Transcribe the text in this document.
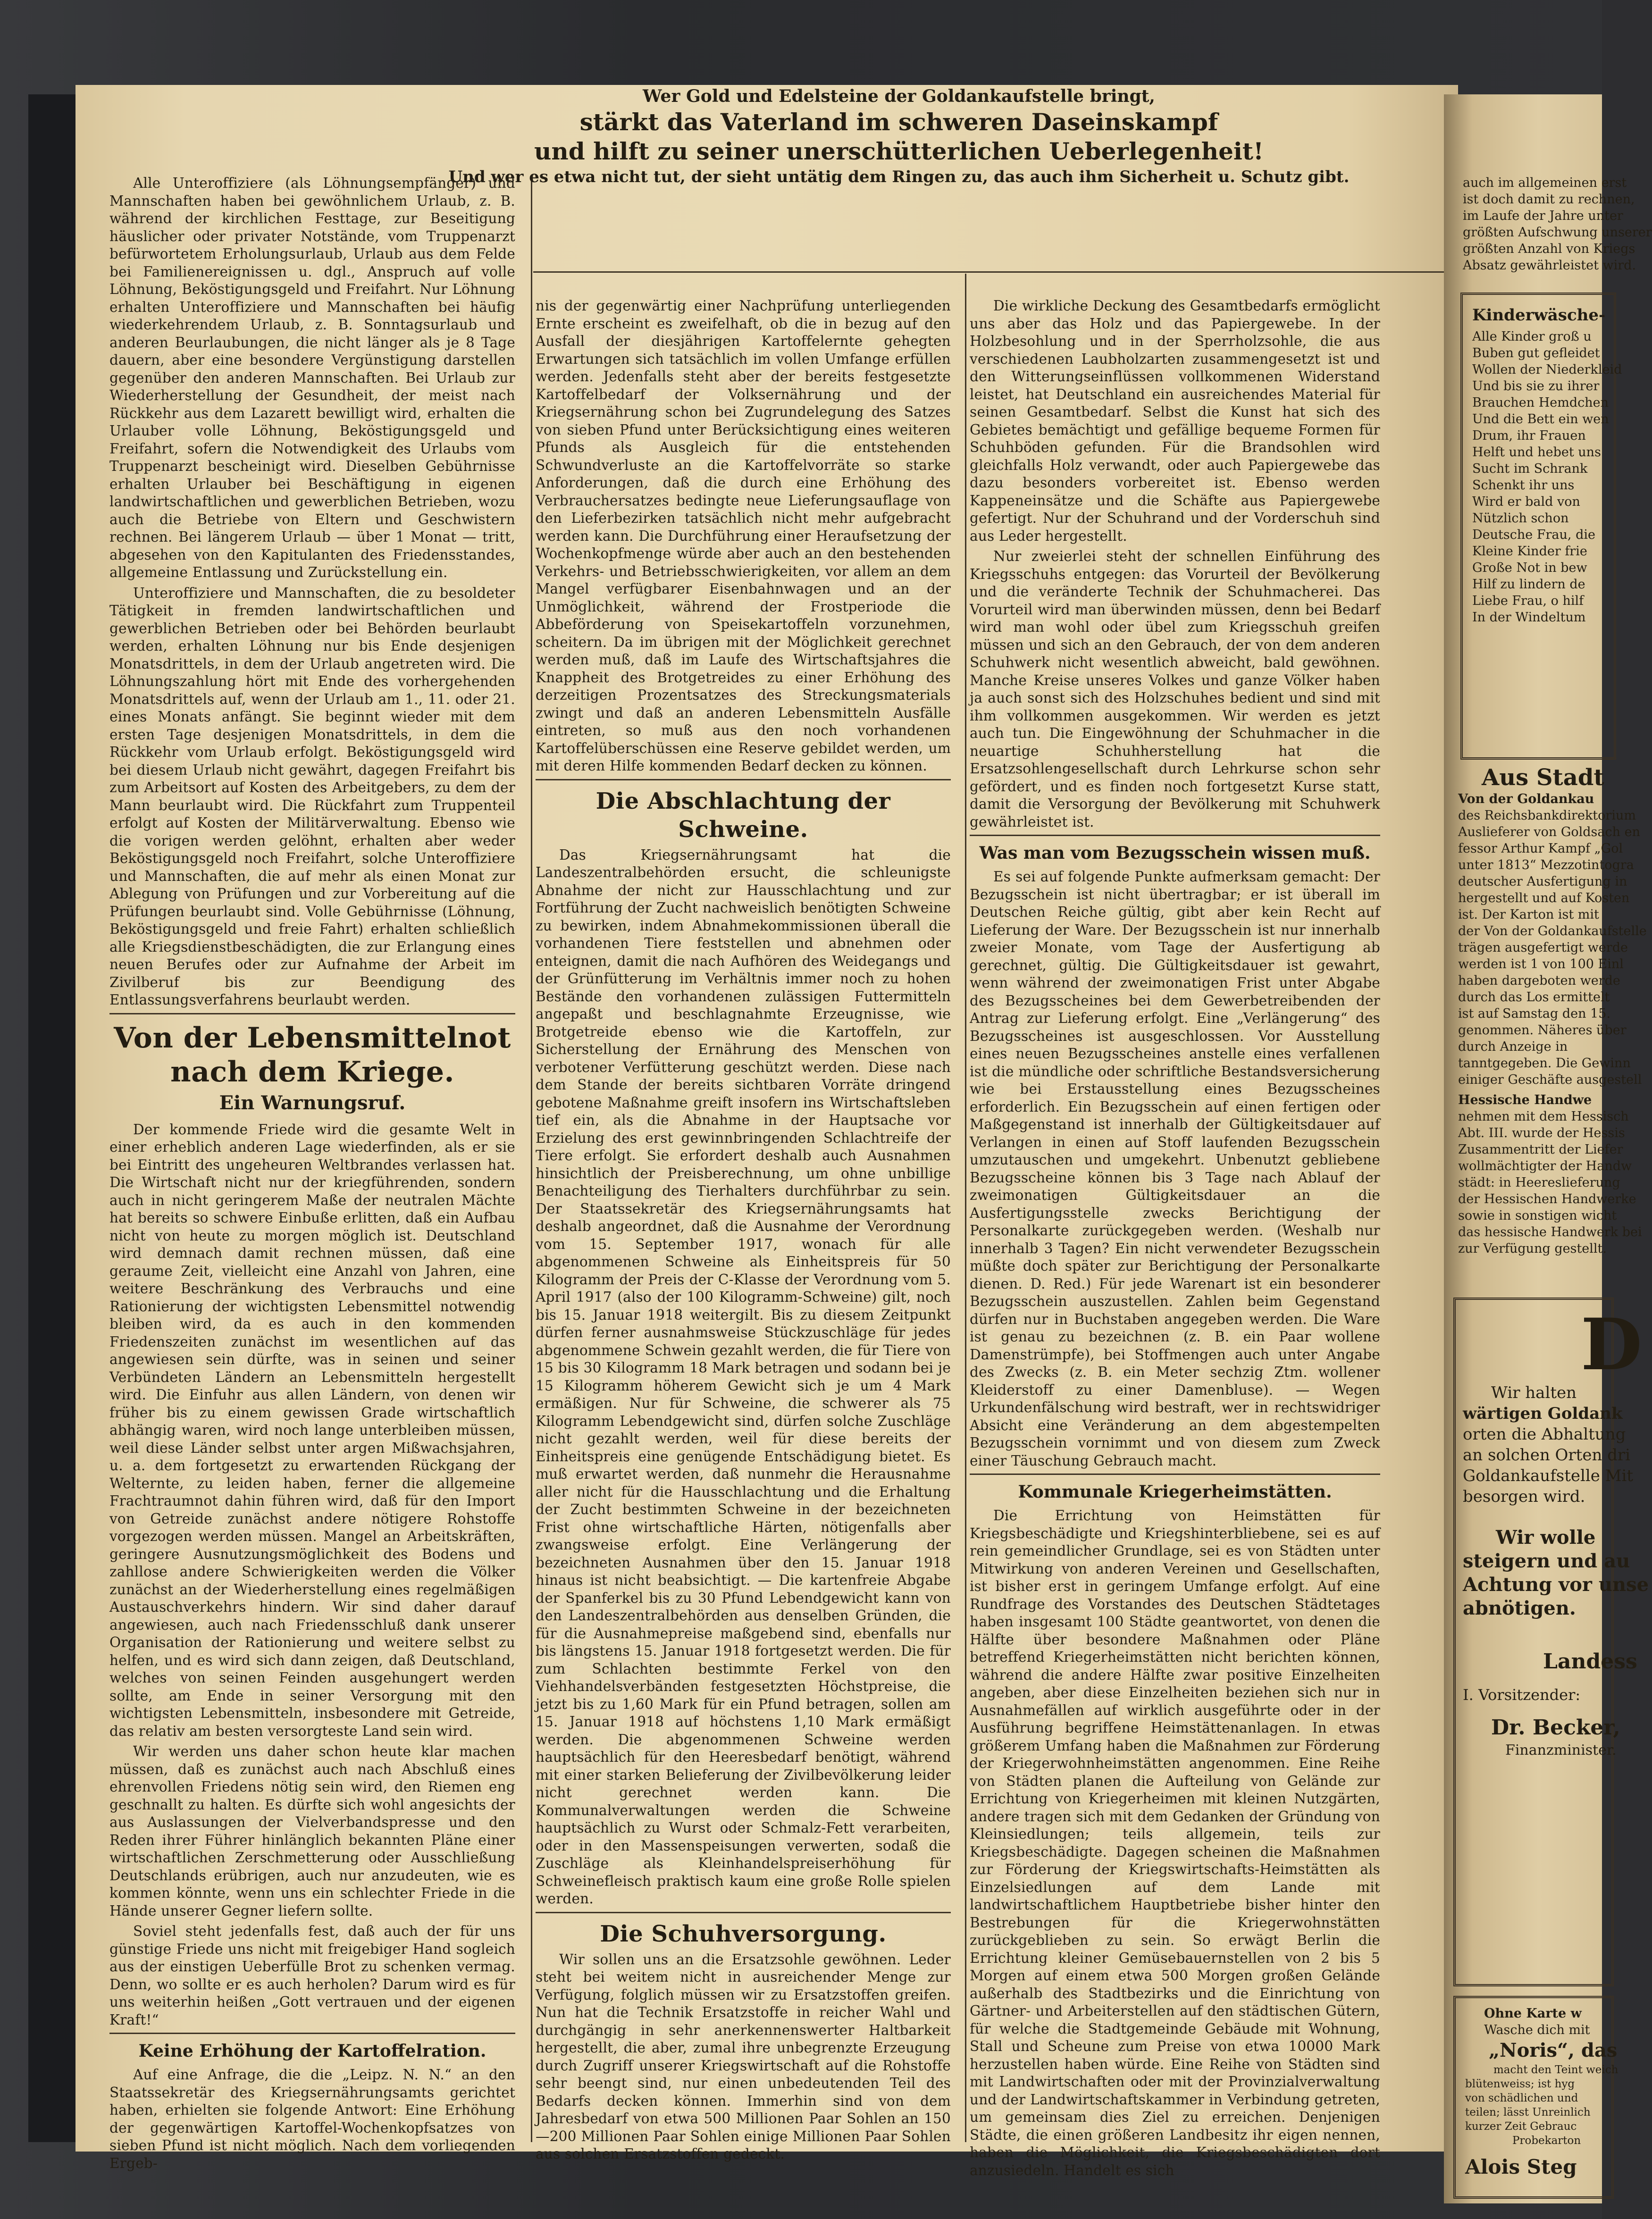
Wer Gold und Edelsteine der Goldankaufstelle bringt,
stärkt das Vaterland im schweren Daseinskampf
und hilft zu seiner unerschütterlichen Ueberlegenheit!
Und wer es etwa nicht tut, der sieht untätig dem Ringen zu, das auch ihm Sicherheit u. Schutz gibt.

Alle Unteroffiziere (als Löhnungsempfänger) und Mannschaften haben bei gewöhnlichem Urlaub, z. B. während der kirchlichen Festtage, zur Beseitigung häuslicher oder privater Notstände, vom Truppenarzt befürwortetem Erholungsurlaub, Urlaub aus dem Felde bei Familienereignissen u. dgl., Anspruch auf volle Löhnung, Beköstigungsgeld und Freifahrt. Nur Löhnung erhalten Unteroffiziere und Mannschaften bei häufig wiederkehrendem Urlaub, z. B. Sonntagsurlaub und anderen Beurlaubungen, die nicht länger als je 8 Tage dauern, aber eine besondere Vergünstigung darstellen gegenüber den anderen Mannschaften. Bei Urlaub zur Wiederherstellung der Gesundheit, der meist nach Rückkehr aus dem Lazarett bewilligt wird, erhalten die Urlauber volle Löhnung, Beköstigungsgeld und Freifahrt, sofern die Notwendigkeit des Urlaubs vom Truppenarzt bescheinigt wird. Dieselben Gebührnisse erhalten Urlauber bei Beschäftigung in eigenen landwirtschaftlichen und gewerblichen Betrieben, wozu auch die Betriebe von Eltern und Geschwistern rechnen. Bei längerem Urlaub — über 1 Monat — tritt, abgesehen von den Kapitulanten des Friedensstandes, allgemeine Entlassung und Zurückstellung ein.

Unteroffiziere und Mannschaften, die zu besoldeter Tätigkeit in fremden landwirtschaftlichen und gewerblichen Betrieben oder bei Behörden beurlaubt werden, erhalten Löhnung nur bis Ende desjenigen Monatsdrittels, in dem der Urlaub angetreten wird. Die Löhnungszahlung hört mit Ende des vorhergehenden Monatsdrittels auf, wenn der Urlaub am 1., 11. oder 21. eines Monats anfängt. Sie beginnt wieder mit dem ersten Tage desjenigen Monatsdrittels, in dem die Rückkehr vom Urlaub erfolgt. Beköstigungsgeld wird bei diesem Urlaub nicht gewährt, dagegen Freifahrt bis zum Arbeitsort auf Kosten des Arbeitgebers, zu dem der Mann beurlaubt wird. Die Rückfahrt zum Truppenteil erfolgt auf Kosten der Militärverwaltung. Ebenso wie die vorigen werden gelöhnt, erhalten aber weder Beköstigungsgeld noch Freifahrt, solche Unteroffiziere und Mannschaften, die auf mehr als einen Monat zur Ablegung von Prüfungen und zur Vorbereitung auf die Prüfungen beurlaubt sind. Volle Gebührnisse (Löhnung, Beköstigungsgeld und freie Fahrt) erhalten schließlich alle Kriegsdienstbeschädigten, die zur Erlangung eines neuen Berufes oder zur Aufnahme der Arbeit im Zivilberuf bis zur Beendigung des Entlassungsverfahrens beurlaubt werden.

Von der Lebensmittelnot nach dem Kriege.
Ein Warnungsruf.

Der kommende Friede wird die gesamte Welt in einer erheblich anderen Lage wiederfinden, als er sie bei Eintritt des ungeheuren Weltbrandes verlassen hat. Die Wirtschaft nicht nur der kriegführenden, sondern auch in nicht geringerem Maße der neutralen Mächte hat bereits so schwere Einbuße erlitten, daß ein Aufbau nicht von heute zu morgen möglich ist. Deutschland wird demnach damit rechnen müssen, daß eine geraume Zeit, vielleicht eine Anzahl von Jahren, eine weitere Beschränkung des Verbrauchs und eine Rationierung der wichtigsten Lebensmittel notwendig bleiben wird, da es auch in den kommenden Friedenszeiten zunächst im wesentlichen auf das angewiesen sein dürfte, was in seinen und seiner Verbündeten Ländern an Lebensmitteln hergestellt wird. Die Einfuhr aus allen Ländern, von denen wir früher bis zu einem gewissen Grade wirtschaftlich abhängig waren, wird noch lange unterbleiben müssen, weil diese Länder selbst unter argen Mißwachsjahren, u. a. dem fortgesetzt zu erwartenden Rückgang der Welternte, zu leiden haben, ferner die allgemeine Frachtraumnot dahin führen wird, daß für den Import von Getreide zunächst andere nötigere Rohstoffe vorgezogen werden müssen. Mangel an Arbeitskräften, geringere Ausnutzungsmöglichkeit des Bodens und zahllose andere Schwierigkeiten werden die Völker zunächst an der Wiederherstellung eines regelmäßigen Austauschverkehrs hindern. Wir sind daher darauf angewiesen, auch nach Friedensschluß dank unserer Organisation der Rationierung und weitere selbst zu helfen, und es wird sich dann zeigen, daß Deutschland, welches von seinen Feinden ausgehungert werden sollte, am Ende in seiner Versorgung mit den wichtigsten Lebensmitteln, insbesondere mit Getreide, das relativ am besten versorgteste Land sein wird.

Wir werden uns daher schon heute klar machen müssen, daß es zunächst auch nach Abschluß eines ehrenvollen Friedens nötig sein wird, den Riemen eng geschnallt zu halten. Es dürfte sich wohl angesichts der aus Auslassungen der Vielverbandspresse und den Reden ihrer Führer hinlänglich bekannten Pläne einer wirtschaftlichen Zerschmetterung oder Ausschließung Deutschlands erübrigen, auch nur anzudeuten, wie es kommen könnte, wenn uns ein schlechter Friede in die Hände unserer Gegner liefern sollte.

Soviel steht jedenfalls fest, daß auch der für uns günstige Friede uns nicht mit freigebiger Hand sogleich aus der einstigen Ueberfülle Brot zu schenken vermag. Denn, wo sollte er es auch herholen? Darum wird es für uns weiterhin heißen „Gott vertrauen und der eigenen Kraft!“

Keine Erhöhung der Kartoffelration.

Auf eine Anfrage, die die „Leipz. N. N.“ an den Staatssekretär des Kriegsernährungsamts gerichtet haben, erhielten sie folgende Antwort: Eine Erhöhung der gegenwärtigen Kartoffel-Wochenkopfsatzes von sieben Pfund ist nicht möglich. Nach dem vorliegenden Ergeb-

nis der gegenwärtig einer Nachprüfung unterliegenden Ernte erscheint es zweifelhaft, ob die in bezug auf den Ausfall der diesjährigen Kartoffelernte gehegten Erwartungen sich tatsächlich im vollen Umfange erfüllen werden. Jedenfalls steht aber der bereits festgesetzte Kartoffelbedarf der Volksernährung und der Kriegsernährung schon bei Zugrundelegung des Satzes von sieben Pfund unter Berücksichtigung eines weiteren Pfunds als Ausgleich für die entstehenden Schwundverluste an die Kartoffelvorräte so starke Anforderungen, daß die durch eine Erhöhung des Verbrauchersatzes bedingte neue Lieferungsauflage von den Lieferbezirken tatsächlich nicht mehr aufgebracht werden kann. Die Durchführung einer Heraufsetzung der Wochenkopfmenge würde aber auch an den bestehenden Verkehrs- und Betriebsschwierigkeiten, vor allem an dem Mangel verfügbarer Eisenbahnwagen und an der Unmöglichkeit, während der Frostperiode die Abbeförderung von Speisekartoffeln vorzunehmen, scheitern. Da im übrigen mit der Möglichkeit gerechnet werden muß, daß im Laufe des Wirtschaftsjahres die Knappheit des Brotgetreides zu einer Erhöhung des derzeitigen Prozentsatzes des Streckungsmaterials zwingt und daß an anderen Lebensmitteln Ausfälle eintreten, so muß aus den noch vorhandenen Kartoffelüberschüssen eine Reserve gebildet werden, um mit deren Hilfe kommenden Bedarf decken zu können.

Die Abschlachtung der Schweine.

Das Kriegsernährungsamt hat die Landeszentralbehörden ersucht, die schleunigste Abnahme der nicht zur Hausschlachtung und zur Fortführung der Zucht nachweislich benötigten Schweine zu bewirken, indem Abnahmekommissionen überall die vorhandenen Tiere feststellen und abnehmen oder enteignen, damit die nach Aufhören des Weidegangs und der Grünfütterung im Verhältnis immer noch zu hohen Bestände den vorhandenen zulässigen Futtermitteln angepaßt und beschlagnahmte Erzeugnisse, wie Brotgetreide ebenso wie die Kartoffeln, zur Sicherstellung der Ernährung des Menschen von verbotener Verfütterung geschützt werden. Diese nach dem Stande der bereits sichtbaren Vorräte dringend gebotene Maßnahme greift insofern ins Wirtschaftsleben tief ein, als die Abnahme in der Hauptsache vor Erzielung des erst gewinnbringenden Schlachtreife der Tiere erfolgt. Sie erfordert deshalb auch Ausnahmen hinsichtlich der Preisberechnung, um ohne unbillige Benachteiligung des Tierhalters durchführbar zu sein. Der Staatssekretär des Kriegsernährungsamts hat deshalb angeordnet, daß die Ausnahme der Verordnung vom 15. September 1917, wonach für alle abgenommenen Schweine als Einheitspreis für 50 Kilogramm der Preis der C-Klasse der Verordnung vom 5. April 1917 (also der 100 Kilogramm-Schweine) gilt, noch bis 15. Januar 1918 weitergilt. Bis zu diesem Zeitpunkt dürfen ferner ausnahmsweise Stückzuschläge für jedes abgenommene Schwein gezahlt werden, die für Tiere von 15 bis 30 Kilogramm 18 Mark betragen und sodann bei je 15 Kilogramm höherem Gewicht sich je um 4 Mark ermäßigen. Nur für Schweine, die schwerer als 75 Kilogramm Lebendgewicht sind, dürfen solche Zuschläge nicht gezahlt werden, weil für diese bereits der Einheitspreis eine genügende Entschädigung bietet. Es muß erwartet werden, daß nunmehr die Herausnahme aller nicht für die Hausschlachtung und die Erhaltung der Zucht bestimmten Schweine in der bezeichneten Frist ohne wirtschaftliche Härten, nötigenfalls aber zwangsweise erfolgt. Eine Verlängerung der bezeichneten Ausnahmen über den 15. Januar 1918 hinaus ist nicht beabsichtigt. — Die kartenfreie Abgabe der Spanferkel bis zu 30 Pfund Lebendgewicht kann von den Landeszentralbehörden aus denselben Gründen, die für die Ausnahmepreise maßgebend sind, ebenfalls nur bis längstens 15. Januar 1918 fortgesetzt werden. Die für zum Schlachten bestimmte Ferkel von den Viehhandelsverbänden festgesetzten Höchstpreise, die jetzt bis zu 1,60 Mark für ein Pfund betragen, sollen am 15. Januar 1918 auf höchstens 1,10 Mark ermäßigt werden. Die abgenommenen Schweine werden hauptsächlich für den Heeresbedarf benötigt, während mit einer starken Belieferung der Zivilbevölkerung leider nicht gerechnet werden kann. Die Kommunalverwaltungen werden die Schweine hauptsächlich zu Wurst oder Schmalz-Fett verarbeiten, oder in den Massenspeisungen verwerten, sodaß die Zuschläge als Kleinhandelspreiserhöhung für Schweinefleisch praktisch kaum eine große Rolle spielen werden.

Die Schuhversorgung.

Wir sollen uns an die Ersatzsohle gewöhnen. Leder steht bei weitem nicht in ausreichender Menge zur Verfügung, folglich müssen wir zu Ersatzstoffen greifen. Nun hat die Technik Ersatzstoffe in reicher Wahl und durchgängig in sehr anerkennenswerter Haltbarkeit hergestellt, die aber, zumal ihre unbegrenzte Erzeugung durch Zugriff unserer Kriegswirtschaft auf die Rohstoffe sehr beengt sind, nur einen unbedeutenden Teil des Bedarfs decken können. Immerhin sind von dem Jahresbedarf von etwa 500 Millionen Paar Sohlen an 150—200 Millionen Paar Sohlen einige Millionen Paar Sohlen aus solchen Ersatzstoffen gedeckt.

Die wirkliche Deckung des Gesamtbedarfs ermöglicht uns aber das Holz und das Papiergewebe. In der Holzbesohlung und in der Sperrholzsohle, die aus verschiedenen Laubholzarten zusammengesetzt ist und den Witterungseinflüssen vollkommenen Widerstand leistet, hat Deutschland ein ausreichendes Material für seinen Gesamtbedarf. Selbst die Kunst hat sich des Gebietes bemächtigt und gefällige bequeme Formen für Schuhböden gefunden. Für die Brandsohlen wird gleichfalls Holz verwandt, oder auch Papiergewebe das dazu besonders vorbereitet ist. Ebenso werden Kappeneinsätze und die Schäfte aus Papiergewebe gefertigt. Nur der Schuhrand und der Vorderschuh sind aus Leder hergestellt.

Nur zweierlei steht der schnellen Einführung des Kriegsschuhs entgegen: das Vorurteil der Bevölkerung und die veränderte Technik der Schuhmacherei. Das Vorurteil wird man überwinden müssen, denn bei Bedarf wird man wohl oder übel zum Kriegsschuh greifen müssen und sich an den Gebrauch, der von dem anderen Schuhwerk nicht wesentlich abweicht, bald gewöhnen. Manche Kreise unseres Volkes und ganze Völker haben ja auch sonst sich des Holzschuhes bedient und sind mit ihm vollkommen ausgekommen. Wir werden es jetzt auch tun. Die Eingewöhnung der Schuhmacher in die neuartige Schuhherstellung hat die Ersatzsohlengesellschaft durch Lehrkurse schon sehr gefördert, und es finden noch fortgesetzt Kurse statt, damit die Versorgung der Bevölkerung mit Schuhwerk gewährleistet ist.

Was man vom Bezugsschein wissen muß.

Es sei auf folgende Punkte aufmerksam gemacht: Der Bezugsschein ist nicht übertragbar; er ist überall im Deutschen Reiche gültig, gibt aber kein Recht auf Lieferung der Ware. Der Bezugsschein ist nur innerhalb zweier Monate, vom Tage der Ausfertigung ab gerechnet, gültig. Die Gültigkeitsdauer ist gewahrt, wenn während der zweimonatigen Frist unter Abgabe des Bezugsscheines bei dem Gewerbetreibenden der Antrag zur Lieferung erfolgt. Eine „Verlängerung“ des Bezugsscheines ist ausgeschlossen. Vor Ausstellung eines neuen Bezugsscheines anstelle eines verfallenen ist die mündliche oder schriftliche Bestandsversicherung wie bei Erstausstellung eines Bezugsscheines erforderlich. Ein Bezugsschein auf einen fertigen oder Maßgegenstand ist innerhalb der Gültigkeitsdauer auf Verlangen in einen auf Stoff laufenden Bezugsschein umzutauschen und umgekehrt. Unbenutzt gebliebene Bezugsscheine können bis 3 Tage nach Ablauf der zweimonatigen Gültigkeitsdauer an die Ausfertigungsstelle zwecks Berichtigung der Personalkarte zurückgegeben werden. (Weshalb nur innerhalb 3 Tagen? Ein nicht verwendeter Bezugsschein müßte doch später zur Berichtigung der Personalkarte dienen. D. Red.) Für jede Warenart ist ein besonderer Bezugsschein auszustellen. Zahlen beim Gegenstand dürfen nur in Buchstaben angegeben werden. Die Ware ist genau zu bezeichnen (z. B. ein Paar wollene Damenstrümpfe), bei Stoffmengen auch unter Angabe des Zwecks (z. B. ein Meter sechzig Ztm. wollener Kleiderstoff zu einer Damenbluse). — Wegen Urkundenfälschung wird bestraft, wer in rechtswidriger Absicht eine Veränderung an dem abgestempelten Bezugsschein vornimmt und von diesem zum Zweck einer Täuschung Gebrauch macht.

Kommunale Kriegerheimstätten.

Die Errichtung von Heimstätten für Kriegsbeschädigte und Kriegshinterbliebene, sei es auf rein gemeindlicher Grundlage, sei es von Städten unter Mitwirkung von anderen Vereinen und Gesellschaften, ist bisher erst in geringem Umfange erfolgt. Auf eine Rundfrage des Vorstandes des Deutschen Städtetages haben insgesamt 100 Städte geantwortet, von denen die Hälfte über besondere Maßnahmen oder Pläne betreffend Kriegerheimstätten nicht berichten können, während die andere Hälfte zwar positive Einzelheiten angeben, aber diese Einzelheiten beziehen sich nur in Ausnahmefällen auf wirklich ausgeführte oder in der Ausführung begriffene Heimstättenanlagen. In etwas größerem Umfang haben die Maßnahmen zur Förderung der Kriegerwohnheimstätten angenommen. Eine Reihe von Städten planen die Aufteilung von Gelände zur Errichtung von Kriegerheimen mit kleinen Nutzgärten, andere tragen sich mit dem Gedanken der Gründung von Kleinsiedlungen; teils allgemein, teils zur Kriegsbeschädigte. Dagegen scheinen die Maßnahmen zur Förderung der Kriegswirtschafts-Heimstätten als Einzelsiedlungen auf dem Lande mit landwirtschaftlichem Hauptbetriebe bisher hinter den Bestrebungen für die Kriegerwohnstätten zurückgeblieben zu sein. So erwägt Berlin die Errichtung kleiner Gemüsebauernstellen von 2 bis 5 Morgen auf einem etwa 500 Morgen großen Gelände außerhalb des Stadtbezirks und die Einrichtung von Gärtner- und Arbeiterstellen auf den städtischen Gütern, für welche die Stadtgemeinde Gebäude mit Wohnung, Stall und Scheune zum Preise von etwa 10000 Mark herzustellen haben würde. Eine Reihe von Städten sind mit Landwirtschaften oder mit der Provinzialverwaltung und der Landwirtschaftskammer in Verbindung getreten, um gemeinsam dies Ziel zu erreichen. Denjenigen Städte, die einen größeren Landbesitz ihr eigen nennen, haben die Möglichkeit, die Kriegsbeschädigten dort anzusiedeln. Handelt es sich

auch im allgemeinen erst

ist doch damit zu rechnen,

im Laufe der Jahre unter

größten Aufschwung unserer

größten Anzahl von Kriegs

Absatz gewährleistet wird.

Kinderwäsche-

Alle Kinder groß u

Buben gut gefleidet

Wollen der Niederkleid

Und bis sie zu ihrer

Brauchen Hemdchen

Und die Bett ein wen

Drum, ihr Frauen

Helft und hebet uns

Sucht im Schrank

Schenkt ihr uns

Wird er bald von

Nützlich schon

Deutsche Frau, die

Kleine Kinder frie

Große Not in bew

Hilf zu lindern de

Liebe Frau, o hilf

In der Windeltum

Aus Stadt

Von der Goldankau

des Reichsbankdirektorium

Auslieferer von Goldsach en

fessor Arthur Kampf „Gol

unter 1813“ Mezzotintogra

deutscher Ausfertigung in

hergestellt und auf Kosten

ist. Der Karton ist mit

der Von der Goldankaufstelle

trägen ausgefertigt werde

werden ist 1 von 100 Einl

haben dargeboten werde

durch das Los ermittelt

ist auf Samstag den 15.

genommen. Näheres über

durch Anzeige in

tanntgegeben. Die Gewinn

einiger Geschäfte ausgestell

Hessische Handwe

nehmen mit dem Hessisch

Abt. III. wurde der Hessis

Zusammentritt der Liefer

wollmächtigter der Handw

städt: in Heereslieferung

der Hessischen Handwerke

sowie in sonstigen wicht

das hessische Handwerk bei

zur Verfügung gestellt.

D

Wir halten

wärtigen Goldank

orten die Abhaltung

an solchen Orten dri

Goldankaufstelle Mit

besorgen wird.

Wir wolle

steigern und au

Achtung vor unse

abnötigen.

Landess

I. Vorsitzender:

Dr. Becker,

Finanzminister.

Ohne Karte w

Wasche dich mit

„Noris“, das

macht den Teint weich

blütenweiss; ist hyg

von schädlichen und

teilen; lässt Unreinlich

kurzer Zeit Gebrauc

Probekarton

Alois Steg
